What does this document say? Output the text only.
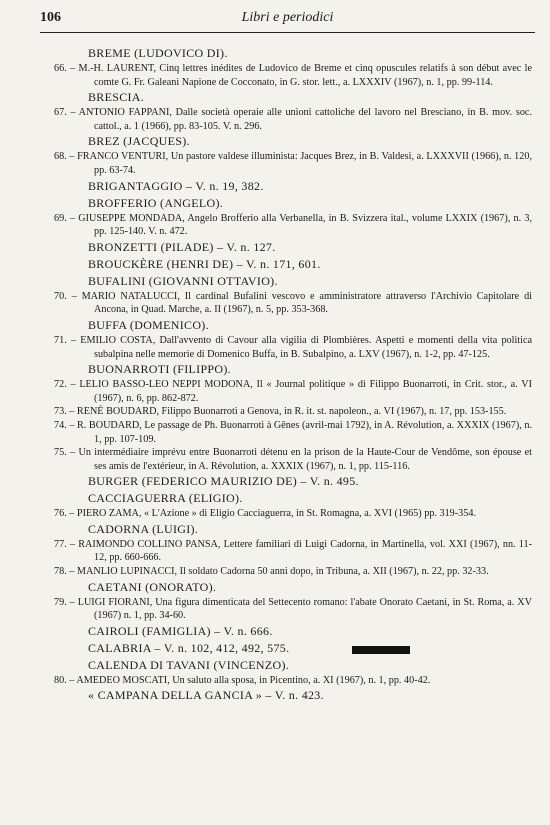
106	Libri e periodici
BREME (LUDOVICO DI).
66. – M.-H. LAURENT, Cinq lettres inédites de Ludovico de Breme et cinq opuscules relatifs à son début avec le comte G. Fr. Galeani Napione de Cocconato, in G. stor. lett., a. LXXXIV (1967), n. 1, pp. 99-114.
BRESCIA.
67. – ANTONIO FAPPANI, Dalle società operaie alle unioni cattoliche del lavoro nel Bresciano, in B. mov. soc. cattol., a. 1 (1966), pp. 83-105. V. n. 296.
BREZ (JACQUES).
68. – FRANCO VENTURI, Un pastore valdese illuministа: Jacques Brez, in B. Valdesi, a. LXXXVII (1966), n. 120, pp. 63-74.
BRIGANTAGGIO – V. n. 19, 382.
BROFFERIO (ANGELO).
69. – GIUSEPPE MONDADA, Angelo Brofferio alla Verbanella, in B. Svizzera ital., volume LXXIX (1967), n. 3, pp. 125-140. V. n. 472.
BRONZETTI (PILADE) – V. n. 127.
BROUCKÈRE (HENRI DE) – V. n. 171, 601.
BUFALINI (GIOVANNI OTTAVIO).
70. – MARIO NATALUCCI, Il cardinal Bufalini vescovo e amministratore attraverso l'Archivio Capitolare di Ancona, in Quad. Marche, a. II (1967), n. 5, pp. 353-368.
BUFFA (DOMENICO).
71. – EMILIO COSTA, Dall'avvento di Cavour alla vigilia di Plombières. Aspetti e momenti della vita politica subalpina nelle memorie di Domenico Buffa, in B. Subalpino, a. LXV (1967), n. 1-2, pp. 47-125.
BUONARROTI (FILIPPO).
72. – LELIO BASSO-LEO NEPPI MODONA, Il « Journal politique » di Filippo Buonarroti, in Crit. stor., a. VI (1967), n. 6, pp. 862-872.
73. – RENÉ BOUDARD, Filippo Buonarroti a Genova, in R. it. st. napoleon., a. VI (1967), n. 17, pp. 153-155.
74. – R. BOUDARD, Le passage de Ph. Buonarroti à Gênes (avril-mai 1792), in A. Révolution, a. XXXIX (1967), n. 1, pp. 107-109.
75. – Un intermédiaire imprévu entre Buonarroti détenu en la prison de la Haute-Cour de Vendôme, son épouse et ses amis de l'extérieur, in A. Révolution, a. XXXIX (1967), n. 1, pp. 115-116.
BURGER (FEDERICO MAURIZIO DE) – V. n. 495.
CACCIAGUERRA (ELIGIO).
76. – PIERO ZAMA, « L'Azione » di Eligio Cacciaguerra, in St. Romagna, a. XVI (1965) pp. 319-354.
CADORNA (LUIGI).
77. – RAIMONDO COLLINO PANSA, Lettere familiari di Luigi Cadorna, in Martinella, vol. XXI (1967), nn. 11-12, pp. 660-666.
78. – MANLIO LUPINACCI, Il soldato Cadorna 50 anni dopo, in Tribuna, a. XII (1967), n. 22, pp. 32-33.
CAETANI (ONORATO).
79. – LUIGI FIORANI, Una figura dimenticata del Settecento romano: l'abate Onorato Caetani, in St. Roma, a. XV (1967) n. 1, pp. 34-60.
CAIROLI (FAMIGLIA) – V. n. 666.
CALABRIA – V. n. 102, 412, 492, 575.
CALENDA DI TAVANI (VINCENZO).
80. – AMEDEO MOSCATI, Un saluto alla sposa, in Picentino, a. XI (1967), n. 1, pp. 40-42.
« CAMPANA DELLA GANCIA » – V. n. 423.
